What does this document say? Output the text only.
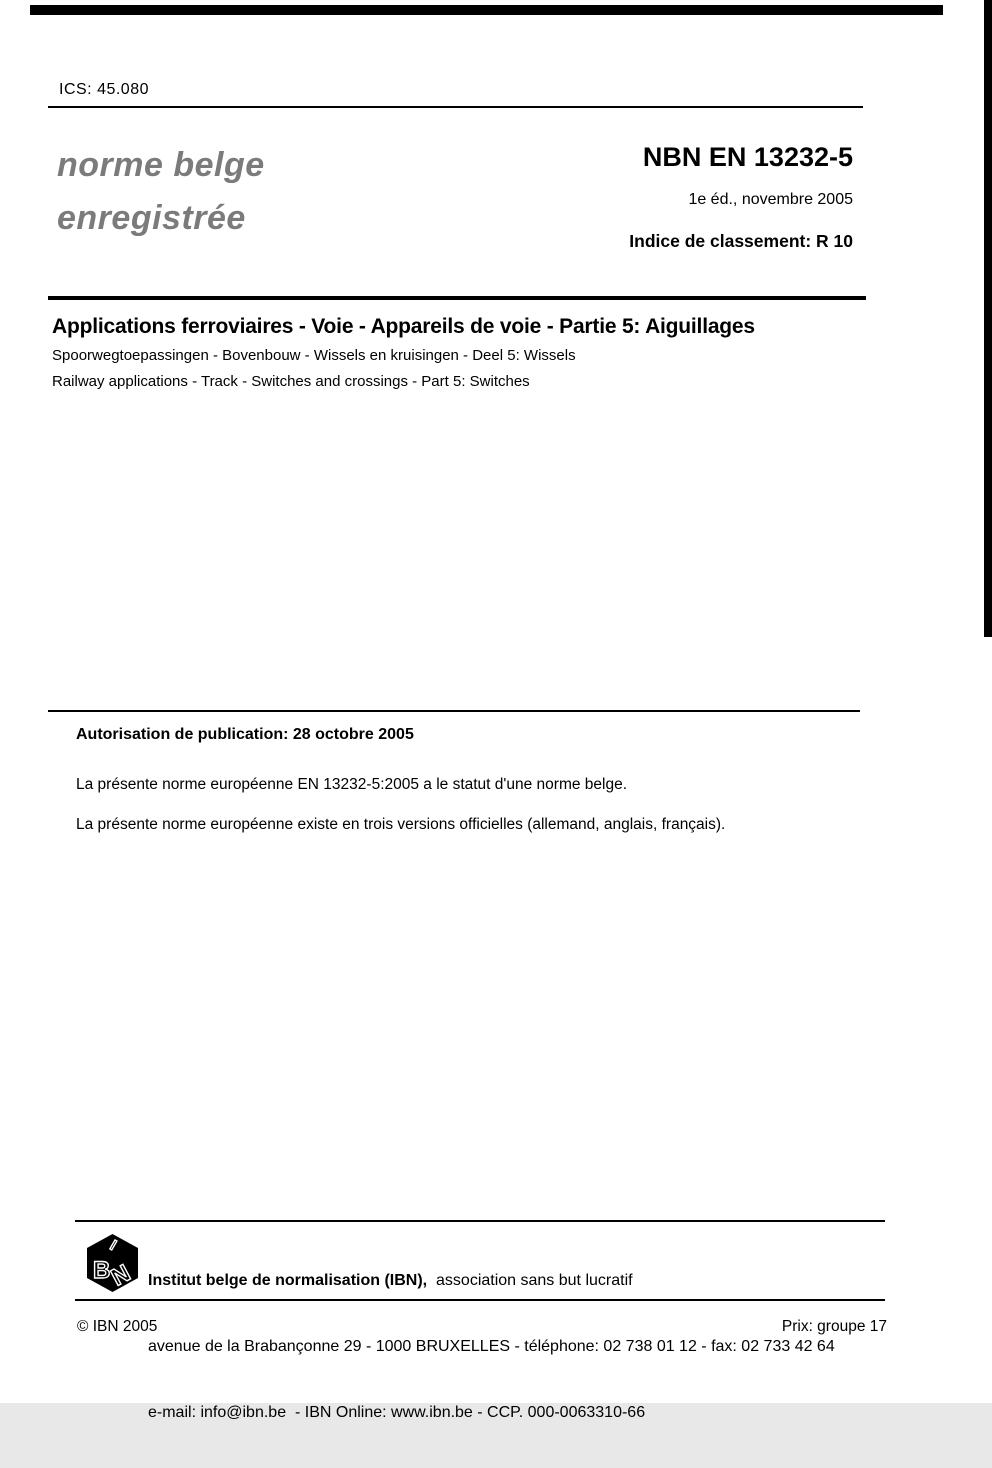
ICS: 45.080
norme belge
enregistrée
NBN EN 13232-5
1e éd., novembre 2005
Indice de classement: R 10
Applications ferroviaires - Voie - Appareils de voie - Partie 5: Aiguillages
Spoorwegtoepassingen - Bovenbouw - Wissels en kruisingen - Deel 5: Wissels
Railway applications - Track - Switches and crossings - Part 5: Switches
Autorisation de publication: 28 octobre 2005
La présente norme européenne EN 13232-5:2005 a le statut d'une norme belge.
La présente norme européenne existe en trois versions officielles (allemand, anglais, français).
I
B
N

Institut belge de normalisation (IBN),  association sans but lucratif

avenue de la Brabançonne 29 - 1000 BRUXELLES - téléphone: 02 738 01 12 - fax: 02 733 42 64

e-mail: info@ibn.be  - IBN Online: www.ibn.be - CCP. 000-0063310-66

© IBN 2005	Prix: groupe 17
